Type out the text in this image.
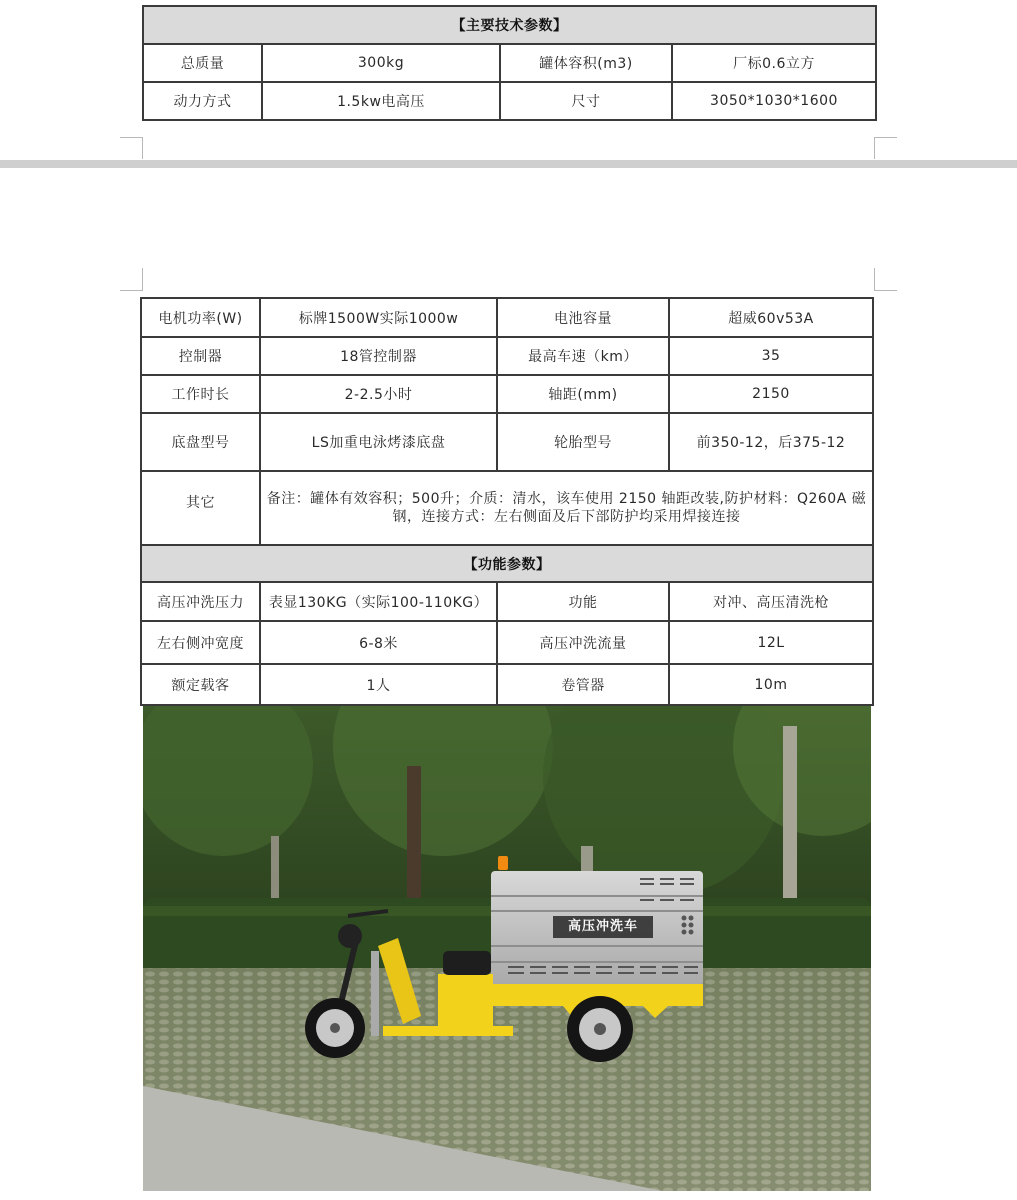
【主要技术参数】			
总质量	300kg	罐体容积(m3)	厂标0.6立方
动力方式	1.5kw电高压	尺寸	3050*1030*1600
电机功率(W)	标牌1500W实际1000w	电池容量	超威60v53A
控制器	18管控制器	最高车速（km）	35
工作时长	2-2.5小时	轴距(mm)	2150
底盘型号	LS加重电泳烤漆底盘	轮胎型号	前350-12，后375-12
其它	备注：罐体有效容积；500升；介质：清水，该车使用 2150 轴距改装,防护材料：Q260A 磁钢，连接方式：左右侧面及后下部防护均采用焊接连接		
【功能参数】			
高压冲洗压力	表显130KG（实际100-110KG）	功能	对冲、高压清洗枪
左右侧冲宽度	6-8米	高压冲洗流量	12L
额定载客	1人	卷管器	10m
高压冲洗车
